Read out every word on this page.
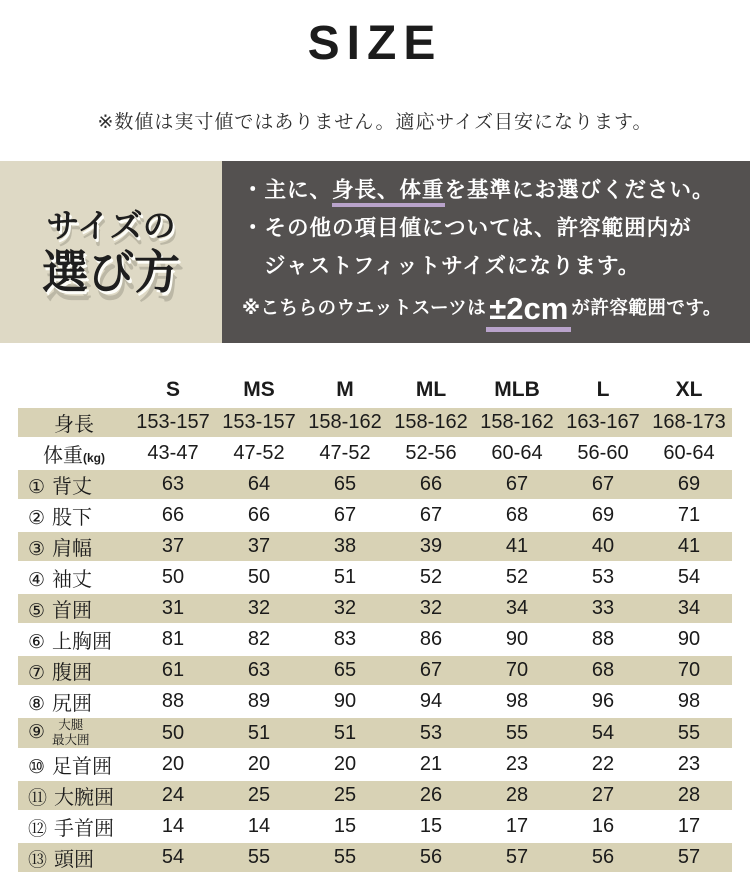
SIZE

※数値は実寸値ではありません。適応サイズ目安になります。

サイズの
選び方

・主に、身長、体重を基準にお選びください。

・その他の項目値については、許容範囲内が

ジャストフィットサイズになります。

※こちらのウエットスーツは±2cm が許容範囲です。

	S	MS	M	ML	MLB	L	XL
身長	153-157	153-157	158-162	158-162	158-162	163-167	168-173
体重(kg)	43-47	47-52	47-52	52-56	60-64	56-60	60-64
① 背丈	63	64	65	66	67	67	69
② 股下	66	66	67	67	68	69	71
③ 肩幅	37	37	38	39	41	40	41
④ 袖丈	50	50	51	52	52	53	54
⑤ 首囲	31	32	32	32	34	33	34
⑥ 上胸囲	81	82	83	86	90	88	90
⑦ 腹囲	61	63	65	67	70	68	70
⑧ 尻囲	88	89	90	94	98	96	98
⑨ 大腿
最大囲	50	51	51	53	55	54	55
⑩ 足首囲	20	20	20	21	23	22	23
⑪ 大腕囲	24	25	25	26	28	27	28
⑫ 手首囲	14	14	15	15	17	16	17
⑬ 頭囲	54	55	55	56	57	56	57
